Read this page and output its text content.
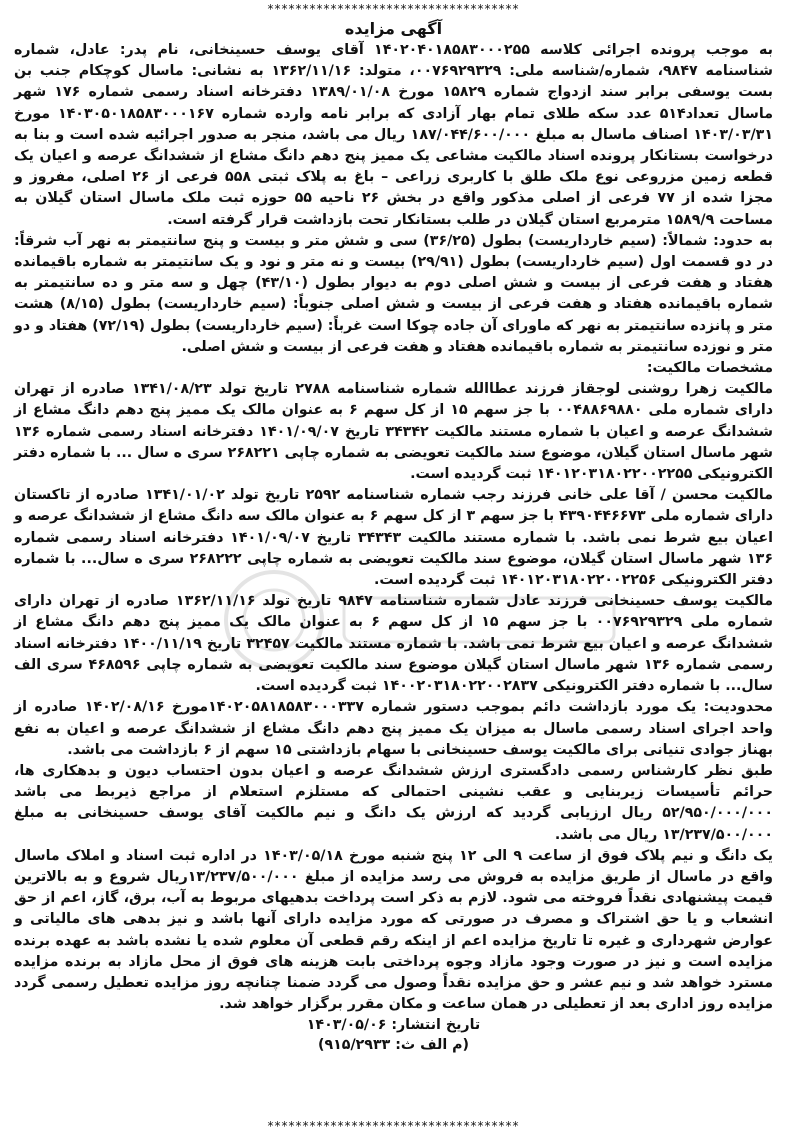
************************************
آگهی مزایده

به موجب پرونده اجرائی کلاسه ۱۴۰۲۰۴۰۱۸۵۸۳۰۰۰۲۵۵ آقای یوسف حسینخانی، نام پدر: عادل، شماره شناسنامه ۹۸۴۷، شماره/شناسه ملی: ۰۰۷۶۹۲۹۳۲۹، متولد: ۱۳۶۲/۱۱/۱۶ به نشانی: ماسال کوچکام جنب بن بست یوسفی برابر سند ازدواج شماره ۱۵۸۲۹ مورخ ۱۳۸۹/۰۱/۰۸ دفترخانه اسناد رسمی شماره ۱۷۶ شهر ماسال تعداد۵۱۴ عدد سکه طلای تمام بهار آزادی که برابر نامه وارده شماره ۱۴۰۳۰۵۰۱۸۵۸۳۰۰۰۱۶۷ مورخ ۱۴۰۳/۰۳/۳۱ اصناف ماسال به مبلغ ۱۸۷/۰۴۴/۶۰۰/۰۰۰ ریال می باشد، منجر به صدور اجرائیه شده است و بنا به درخواست بستانکار پرونده اسناد مالکیت مشاعی یک ممیز پنج دهم دانگ مشاع از ششدانگ عرصه و اعیان یک قطعه زمین مزروعی نوع ملک طلق با کاربری زراعی – باغ به پلاک ثبتی ۵۵۸ فرعی از ۲۶ اصلی، مفروز و مجزا شده از ۷۷ فرعی از اصلی مذکور واقع در بخش ۲۶ ناحیه ۵۵ حوزه ثبت ملک ماسال استان گیلان به مساحت ۱۵۸۹/۹ مترمربع استان گیلان در طلب بستانکار تحت بازداشت قرار گرفته است.

به حدود: شمالاً: (سیم خارداریست) بطول (۳۶/۲۵) سی و شش متر و بیست و پنج سانتیمتر به نهر آب شرقاً: در دو قسمت اول (سیم خارداریست) بطول (۲۹/۹۱) بیست و نه متر و نود و یک سانتیمتر به شماره باقیمانده هفتاد و هفت فرعی از بیست و شش اصلی دوم به دیوار بطول (۴۳/۱۰) چهل و سه متر و ده سانتیمتر به شماره باقیمانده هفتاد و هفت فرعی از بیست و شش اصلی جنوباً: (سیم خارداریست) بطول (۸/۱۵) هشت متر و پانزده سانتیمتر به نهر که ماورای آن جاده چوکا است غرباً: (سیم خارداریست) بطول (۷۲/۱۹) هفتاد و دو متر و نوزده سانتیمتر به شماره باقیمانده هفتاد و هفت فرعی از بیست و شش اصلی.

مشخصات مالکیت:

مالکیت زهرا روشنی لوجقاز فرزند عطاالله شماره شناسنامه ۲۷۸۸ تاریخ تولد ۱۳۴۱/۰۸/۲۳ صادره از تهران دارای شماره ملی ۰۰۴۸۸۶۹۸۸۰ با جز سهم ۱۵ از کل سهم ۶ به عنوان مالک یک ممیز پنج دهم دانگ مشاع از ششدانگ عرصه و اعیان با شماره مستند مالکیت ۳۴۳۴۲ تاریخ ۱۴۰۱/۰۹/۰۷ دفترخانه اسناد رسمی شماره ۱۳۶ شهر ماسال استان گیلان، موضوع سند مالکیت تعویضی به شماره چاپی ۲۶۸۲۲۱ سری ه سال ... با شماره دفتر الکترونیکی ۱۴۰۱۲۰۳۱۸۰۲۲۰۰۲۲۵۵ ثبت گردیده است.

مالکیت محسن / آقا علی خانی فرزند رجب شماره شناسنامه ۲۵۹۲ تاریخ تولد ۱۳۴۱/۰۱/۰۲ صادره از تاکستان دارای شماره ملی ۴۳۹۰۴۴۶۶۷۳ با جز سهم ۳ از کل سهم ۶ به عنوان مالک سه دانگ مشاع از ششدانگ عرصه و اعیان بیع شرط نمی باشد. با شماره مستند مالکیت ۳۴۳۴۳ تاریخ ۱۴۰۱/۰۹/۰۷ دفترخانه اسناد رسمی شماره ۱۳۶ شهر ماسال استان گیلان، موضوع سند مالکیت تعویضی به شماره چاپی ۲۶۸۲۲۲ سری ه سال... با شماره دفتر الکترونیکی ۱۴۰۱۲۰۳۱۸۰۲۲۰۰۲۲۵۶ ثبت گردیده است.

مالکیت یوسف حسینخانی فرزند عادل شماره شناسنامه ۹۸۴۷ تاریخ تولد ۱۳۶۲/۱۱/۱۶ صادره از تهران دارای شماره ملی ۰۰۷۶۹۲۹۳۲۹ با جز سهم ۱۵ از کل سهم ۶ به عنوان مالک یک ممیز پنج دهم دانگ مشاع از ششدانگ عرصه و اعیان بیع شرط نمی باشد. با شماره مستند مالکیت ۳۲۴۵۷ تاریخ ۱۴۰۰/۱۱/۱۹ دفترخانه اسناد رسمی شماره ۱۳۶ شهر ماسال استان گیلان موضوع سند مالکیت تعویضی به شماره چاپی ۴۶۸۵۹۶ سری الف سال... با شماره دفتر الکترونیکی ۱۴۰۰۲۰۳۱۸۰۲۲۰۰۲۸۳۷ ثبت گردیده است.

محدودیت: یک مورد بازداشت دائم بموجب دستور شماره ۱۴۰۲۰۵۸۱۸۵۸۳۰۰۰۳۳۷مورخ ۱۴۰۲/۰۸/۱۶ صادره از واحد اجرای اسناد رسمی ماسال به میزان یک ممیز پنج دهم دانگ مشاع از ششدانگ عرصه و اعیان به نفع بهناز جوادی تنیانی برای مالکیت یوسف حسینخانی با سهام بازداشتی ۱۵ سهم از ۶ بازداشت می باشد.

طبق نظر کارشناس رسمی دادگستری ارزش ششدانگ عرصه و اعیان بدون احتساب دیون و بدهکاری ها، حرائم تأسیسات زیربنایی و عقب نشینی احتمالی که مستلزم استعلام از مراجع ذیربط می باشد ۵۲/۹۵۰/۰۰۰/۰۰۰ ریال ارزیابی گردید که ارزش یک دانگ و نیم مالکیت آقای یوسف حسینخانی به مبلغ ۱۳/۲۳۷/۵۰۰/۰۰۰ ریال می باشد.

یک دانگ و نیم پلاک فوق از ساعت ۹ الی ۱۲ پنج شنبه مورخ ۱۴۰۳/۰۵/۱۸ در اداره ثبت اسناد و املاک ماسال واقع در ماسال از طریق مزایده به فروش می رسد مزایده از مبلغ ۱۳/۲۳۷/۵۰۰/۰۰۰ریال شروع و به بالاترین قیمت پیشنهادی نقداً فروخته می شود. لازم به ذکر است پرداخت بدهیهای مربوط به آب، برق، گاز، اعم از حق انشعاب و یا حق اشتراک و مصرف در صورتی که مورد مزایده دارای آنها باشد و نیز بدهی های مالیاتی و عوارض شهرداری و غیره تا تاریخ مزایده اعم از اینکه رقم قطعی آن معلوم شده یا نشده باشد به عهده برنده مزایده است و نیز در صورت وجود مازاد وجوه پرداختی بابت هزینه های فوق از محل مازاد به برنده مزایده مسترد خواهد شد و نیم عشر و حق مزایده نقداً وصول می گردد ضمنا چنانچه روز مزایده تعطیل رسمی گردد مزایده روز اداری بعد از تعطیلی در همان ساعت و مکان مقرر برگزار خواهد شد.

تاریخ انتشار: ۱۴۰۳/۰۵/۰۶

(م الف ث: ۹۱۵/۲۹۳۳)

************************************
